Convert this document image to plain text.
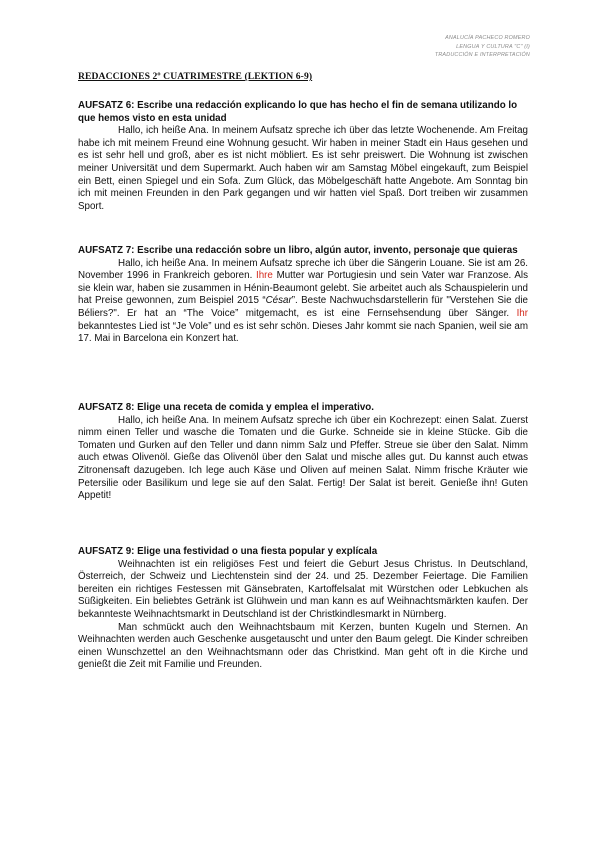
ANALUCÍA PACHECO ROMERO
LENGUA Y CULTURA "C" (I)
TRADUCCIÓN E INTERPRETACIÓN
REDACCIONES 2º CUATRIMESTRE (LEKTION 6-9)

AUFSATZ 6: Escribe una redacción explicando lo que has hecho el fin de semana utilizando lo que hemos visto en esta unidad

Hallo, ich heiße Ana. In meinem Aufsatz spreche ich über das letzte Wochenende. Am Freitag habe ich mit meinem Freund eine Wohnung gesucht. Wir haben in meiner Stadt ein Haus gesehen und es ist sehr hell und groß, aber es ist nicht möbliert. Es ist sehr preiswert. Die Wohnung ist zwischen meiner Universität und dem Supermarkt. Auch haben wir am Samstag Möbel eingekauft, zum Beispiel ein Bett, einen Spiegel und ein Sofa. Zum Glück, das Möbelgeschäft hatte Angebote. Am Sonntag bin ich mit meinen Freunden in den Park gegangen und wir hatten viel Spaß. Dort treiben wir zusammen Sport.

AUFSATZ 7: Escribe una redacción sobre un libro, algún autor, invento, personaje que quieras

Hallo, ich heiße Ana. In meinem Aufsatz spreche ich über die Sängerin Louane. Sie ist am 26. November 1996 in Frankreich geboren. Ihre Mutter war Portugiesin und sein Vater war Franzose. Als sie klein war, haben sie zusammen in Hénin-Beaumont gelebt. Sie arbeitet auch als Schauspielerin und hat Preise gewonnen, zum Beispiel 2015 “César”. Beste Nachwuchsdarstellerin für "Verstehen Sie die Béliers?". Er hat an “The Voice” mitgemacht, es ist eine Fernsehsendung über Sänger. Ihr bekanntestes Lied ist “Je Vole” und es ist sehr schön. Dieses Jahr kommt sie nach Spanien, weil sie am 17. Mai in Barcelona ein Konzert hat.

AUFSATZ 8: Elige una receta de comida y emplea el imperativo.

Hallo, ich heiße Ana. In meinem Aufsatz spreche ich über ein Kochrezept: einen Salat. Zuerst nimm einen Teller und wasche die Tomaten und die Gurke. Schneide sie in kleine Stücke. Gib die Tomaten und Gurken auf den Teller und dann nimm Salz und Pfeffer. Streue sie über den Salat. Nimm auch etwas Olivenöl. Gieße das Olivenöl über den Salat und mische alles gut. Du kannst auch etwas Zitronensaft dazugeben. Ich lege auch Käse und Oliven auf meinen Salat. Nimm frische Kräuter wie Petersilie oder Basilikum und lege sie auf den Salat. Fertig! Der Salat ist bereit. Genieße ihn! Guten Appetit!

AUFSATZ 9: Elige una festividad o una fiesta popular y explícala

Weihnachten ist ein religiöses Fest und feiert die Geburt Jesus Christus. In Deutschland, Österreich, der Schweiz und Liechtenstein sind der 24. und 25. Dezember Feiertage. Die Familien bereiten ein richtiges Festessen mit Gänsebraten, Kartoffelsalat mit Würstchen oder Lebkuchen als Süßigkeiten. Ein beliebtes Getränk ist Glühwein und man kann es auf Weihnachtsmärkten kaufen. Der bekannteste Weihnachtsmarkt in Deutschland ist der Christkindlesmarkt in Nürnberg.

Man schmückt auch den Weihnachtsbaum mit Kerzen, bunten Kugeln und Sternen. An Weihnachten werden auch Geschenke ausgetauscht und unter den Baum gelegt. Die Kinder schreiben einen Wunschzettel an den Weihnachtsmann oder das Christkind. Man geht oft in die Kirche und genießt die Zeit mit Familie und Freunden.
